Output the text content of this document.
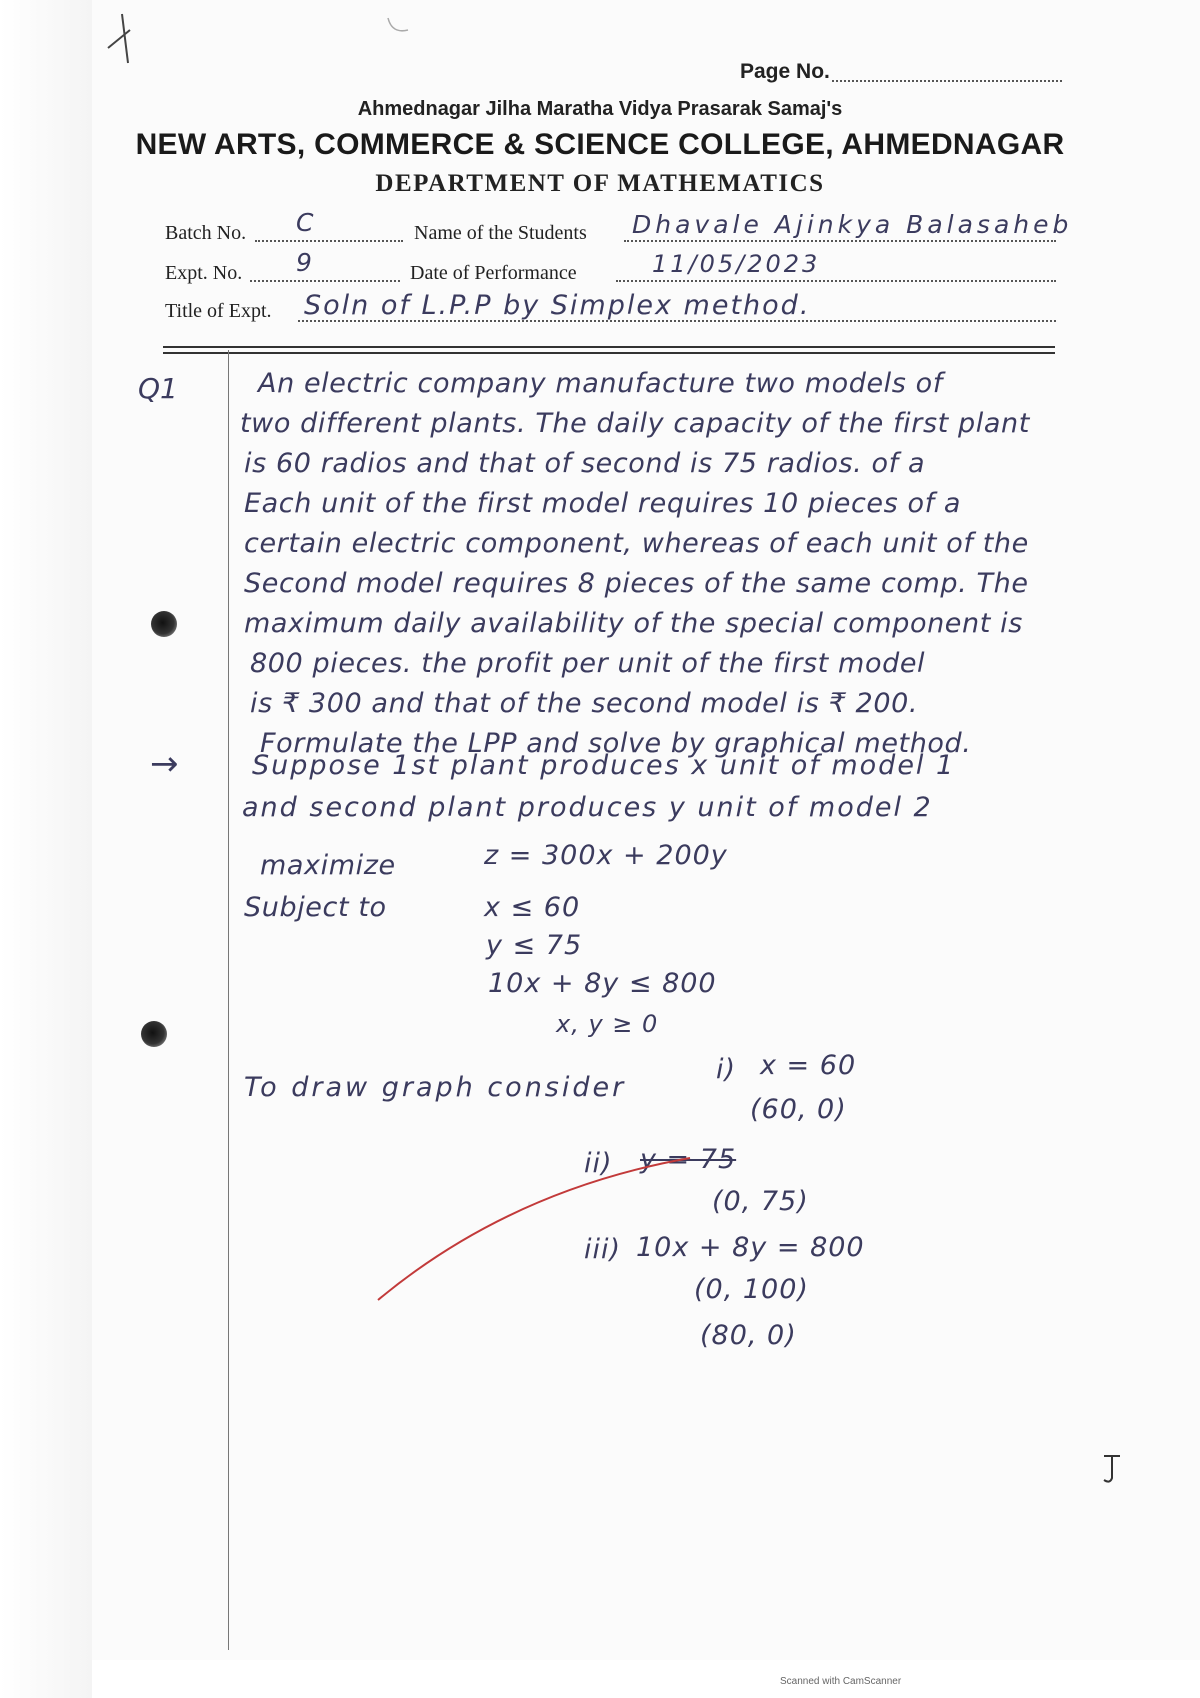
Page No.
Ahmednagar Jilha Maratha Vidya Prasarak Samaj's
NEW ARTS, COMMERCE & SCIENCE COLLEGE, AHMEDNAGAR
DEPARTMENT OF MATHEMATICS
Batch No. C	Name of the Students Dhavale Ajinkya Balasaheb
Expt. No. 9	Date of Performance	11/05/2023
Title of Expt. Soln of L.P.P by Simplex method.
Q1	An electric company manufacture two models of
two different plants. The daily capacity of the first plant
is 60 radios and that of second is 75 radios. of a
Each unit of the first model requires 10 pieces of a
certain electric component, whereas of each unit of the
Second model requires 8 pieces of the same comp. The
maximum daily availability of the special component is
800 pieces. the profit per unit of the first model
is ₹ 300 and that of the second model is ₹ 200.
Formulate the LPP and solve by graphical method.
→	Suppose 1st plant produces x unit of model 1
and second plant produces y unit of model 2
maximize	z = 300x + 200y
Subject to	x ≤ 60
y ≤ 75
10x + 8y ≤ 800
x, y ≥ 0
To draw graph consider
i) x = 60
(60, 0)
ii) y = 75
(0, 75)
iii) 10x + 8y = 800
(0, 100)
(80, 0)
Scanned with CamScanner
